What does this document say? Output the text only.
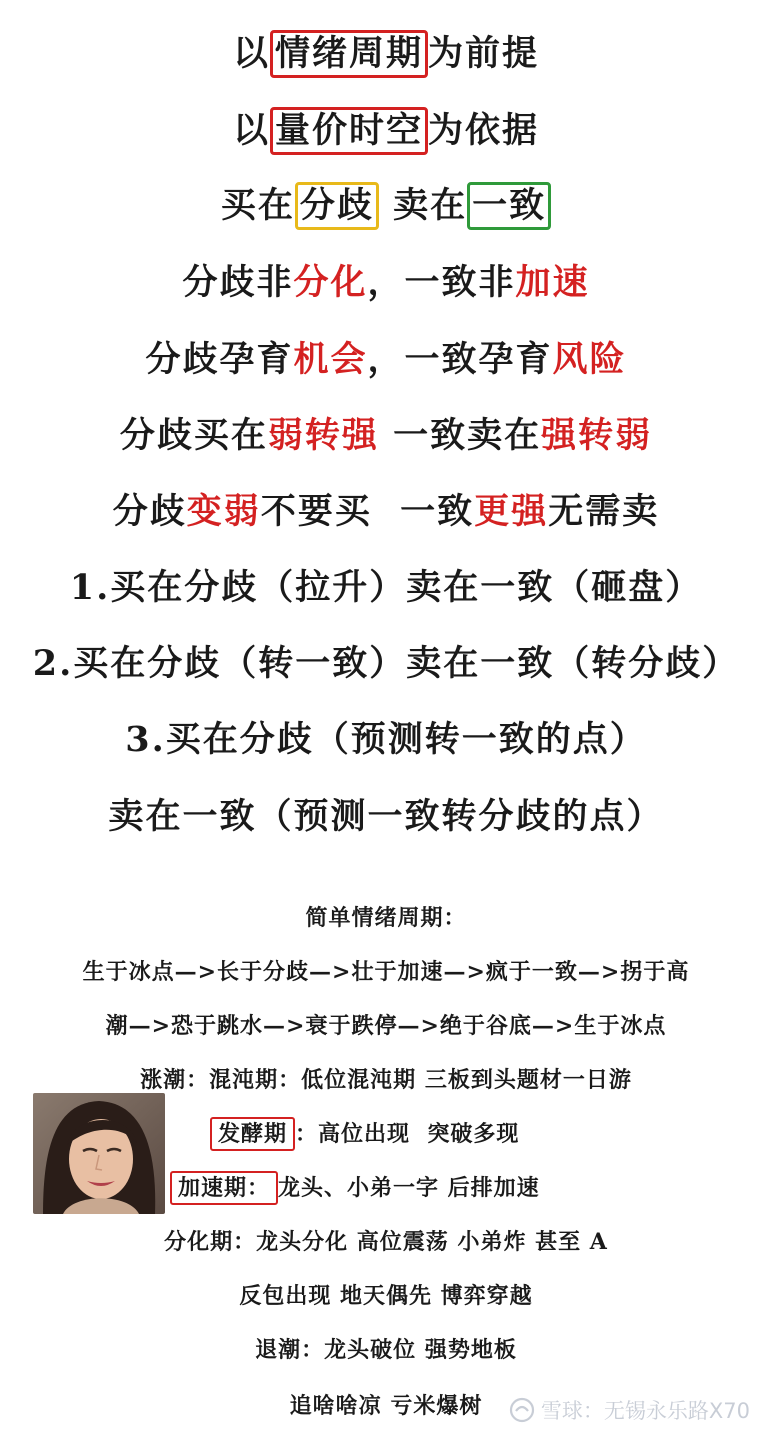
以 情绪周期 为前提
以 量价时空 为依据
买在 分歧 卖在 一致
分歧非分化，一致非加速
分歧孕育机会，一致孕育风险
分歧买在弱转强 一致卖在强转弱
分歧变弱不要买  一致更强无需卖
1.买在分歧（拉升）卖在一致（砸盘）
2.买在分歧（转一致）卖在一致（转分歧）
3.买在分歧（预测转一致的点）
卖在一致（预测一致转分歧的点）
简单情绪周期：
生于冰点—>长于分歧—>壮于加速—>疯于一致—>拐于高
潮—>恐于跳水—>衰于跌停—>绝于谷底—>生于冰点
涨潮：混沌期：低位混沌期 三板到头题材一日游
发酵期 ：高位出现  突破多现
加速期： 龙头、小弟一字 后排加速
分化期：龙头分化 高位震荡 小弟炸 甚至 A
反包出现 地天偶先 博弈穿越
退潮：龙头破位 强势地板
追啥啥凉 亏米爆树	雪球：无锡永乐路X70
